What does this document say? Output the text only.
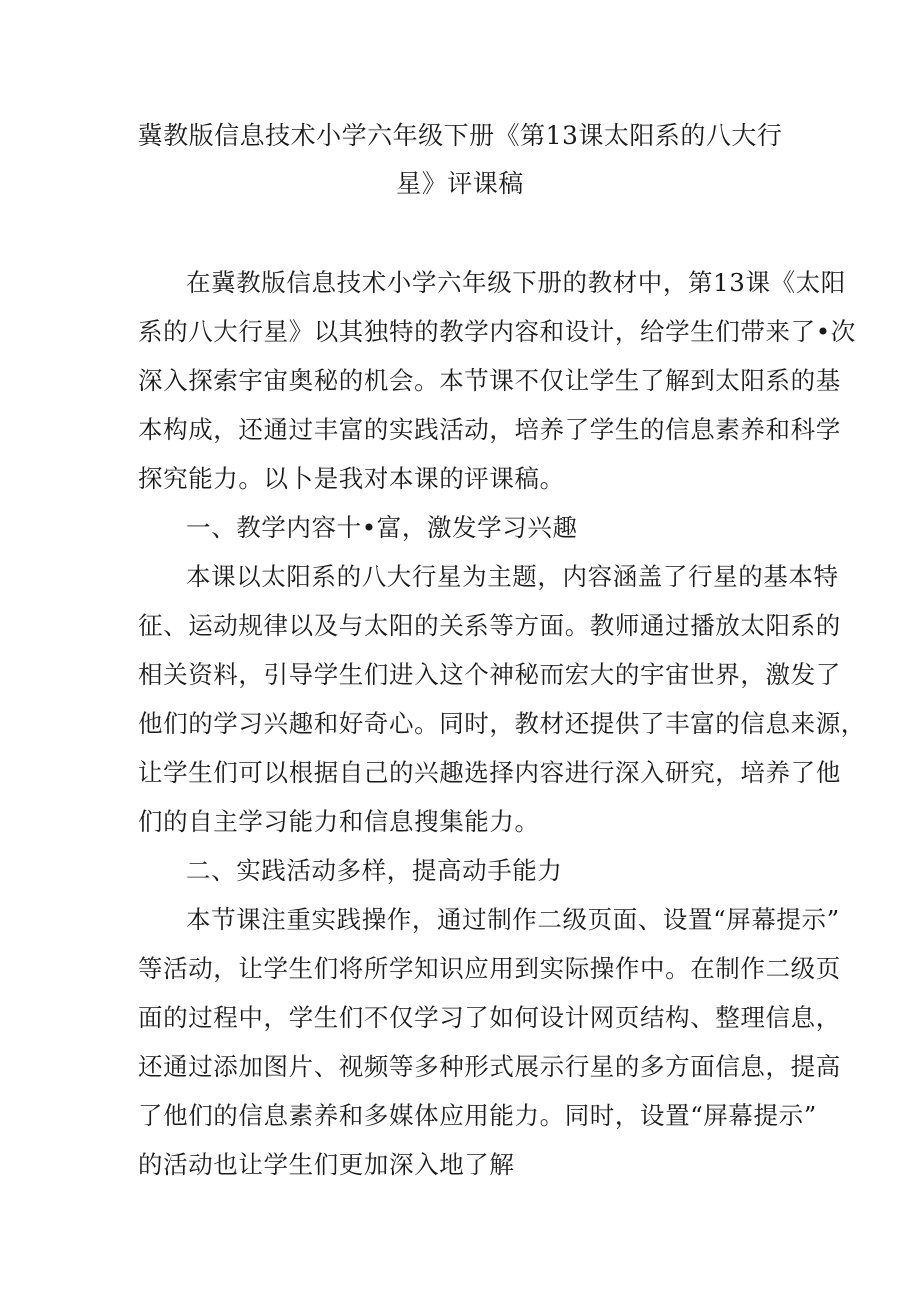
冀教版信息技术小学六年级下册《第13课太阳系的八大行
星》评课稿

在冀教版信息技术小学六年级下册的教材中，第13课《太阳

系的八大行星》以其独特的教学内容和设计，给学生们带来了•次

深入探索宇宙奥秘的机会。本节课不仅让学生了解到太阳系的基

本构成，还通过丰富的实践活动，培养了学生的信息素养和科学

探究能力。以卜是我对本课的评课稿。

一、教学内容十•富，激发学习兴趣

本课以太阳系的八大行星为主题，内容涵盖了行星的基本特

征、运动规律以及与太阳的关系等方面。教师通过播放太阳系的

相关资料，引导学生们进入这个神秘而宏大的宇宙世界，激发了

他们的学习兴趣和好奇心。同时，教材还提供了丰富的信息来源，

让学生们可以根据自己的兴趣选择内容进行深入研究，培养了他

们的自主学习能力和信息搜集能力。

二、实践活动多样，提高动手能力

本节课注重实践操作，通过制作二级页面、设置“屏幕提示”

等活动，让学生们将所学知识应用到实际操作中。在制作二级页

面的过程中，学生们不仅学习了如何设计网页结构、整理信息，

还通过添加图片、视频等多种形式展示行星的多方面信息，提高

了他们的信息素养和多媒体应用能力。同时，设置“屏幕提示”

的活动也让学生们更加深入地了解
